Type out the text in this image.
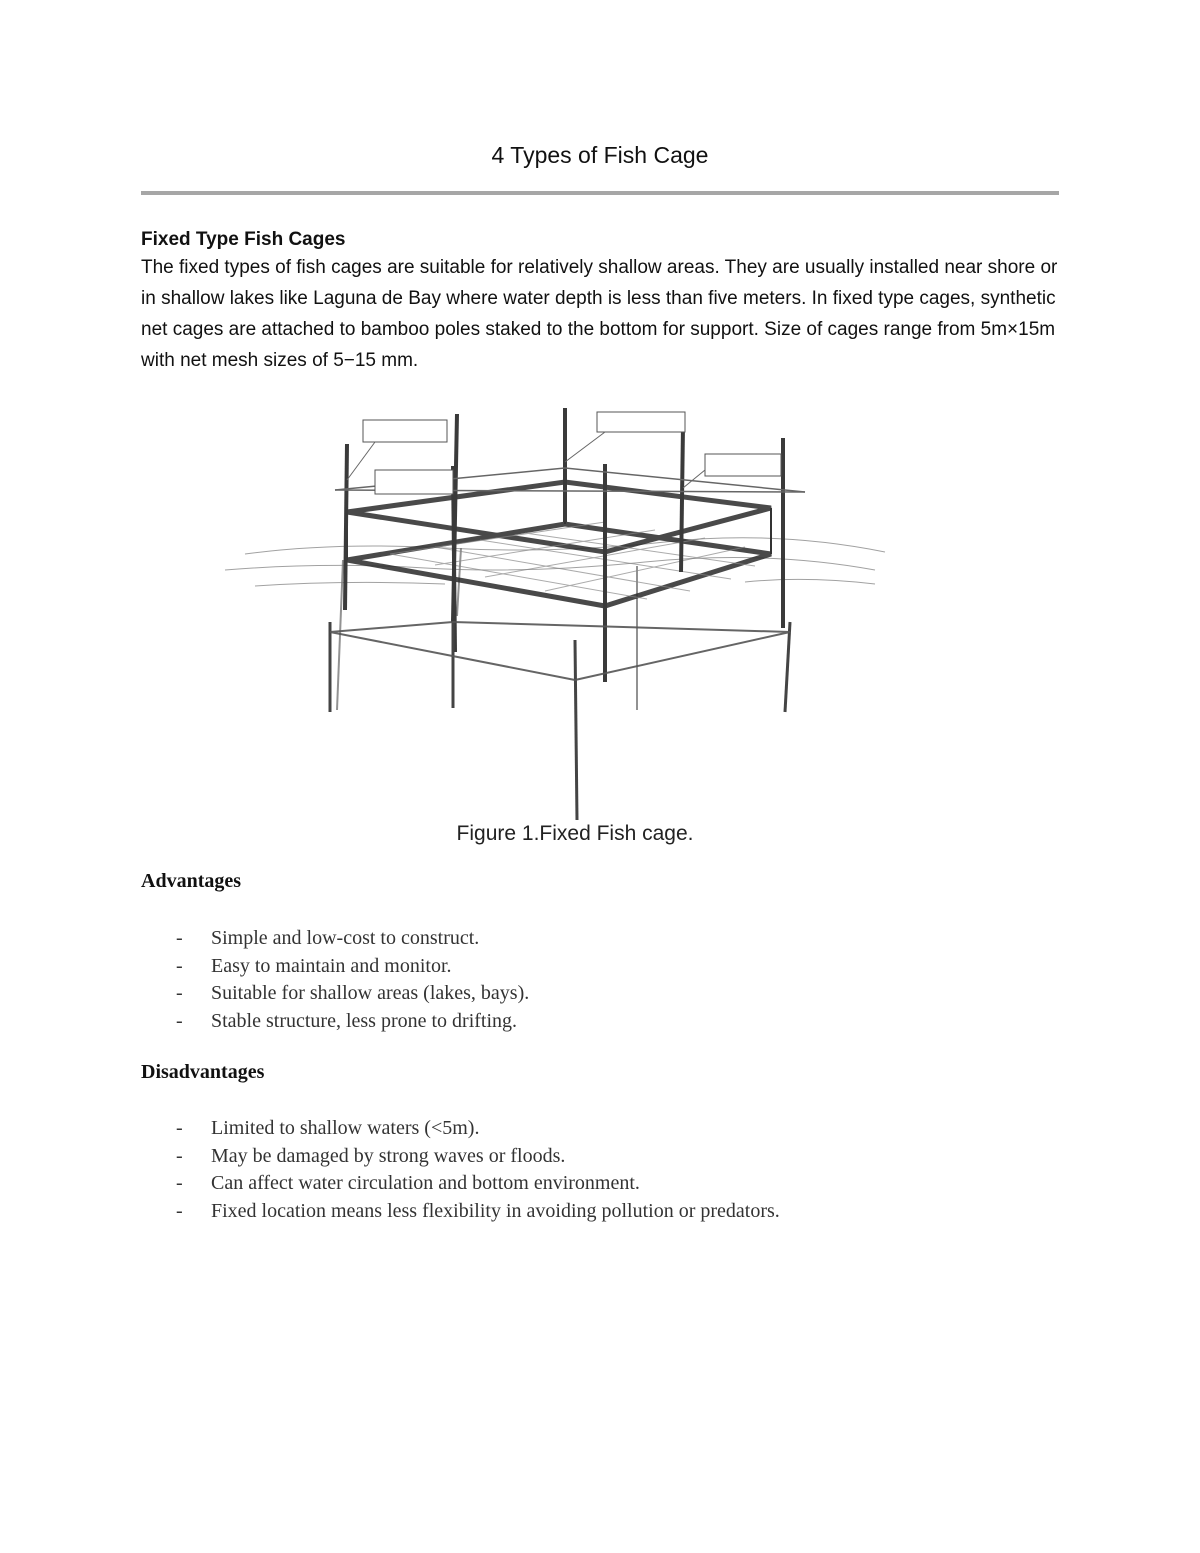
4 Types of Fish Cage
Fixed Type Fish Cages

The fixed types of fish cages are suitable for relatively shallow areas. They are usually installed near shore or in shallow lakes like Laguna de Bay where water depth is less than five meters. In fixed type cages, synthetic net cages are attached to bamboo poles staked to the bottom for support. Size of cages range from 5m×15m with net mesh sizes of 5−15 mm.

Figure 1.Fixed Fish cage.
Advantages
- Simple and low-cost to construct.
- Easy to maintain and monitor.
- Suitable for shallow areas (lakes, bays).
- Stable structure, less prone to drifting.
Disadvantages
- Limited to shallow waters (<5m).
- May be damaged by strong waves or floods.
- Can affect water circulation and bottom environment.
- Fixed location means less flexibility in avoiding pollution or predators.
